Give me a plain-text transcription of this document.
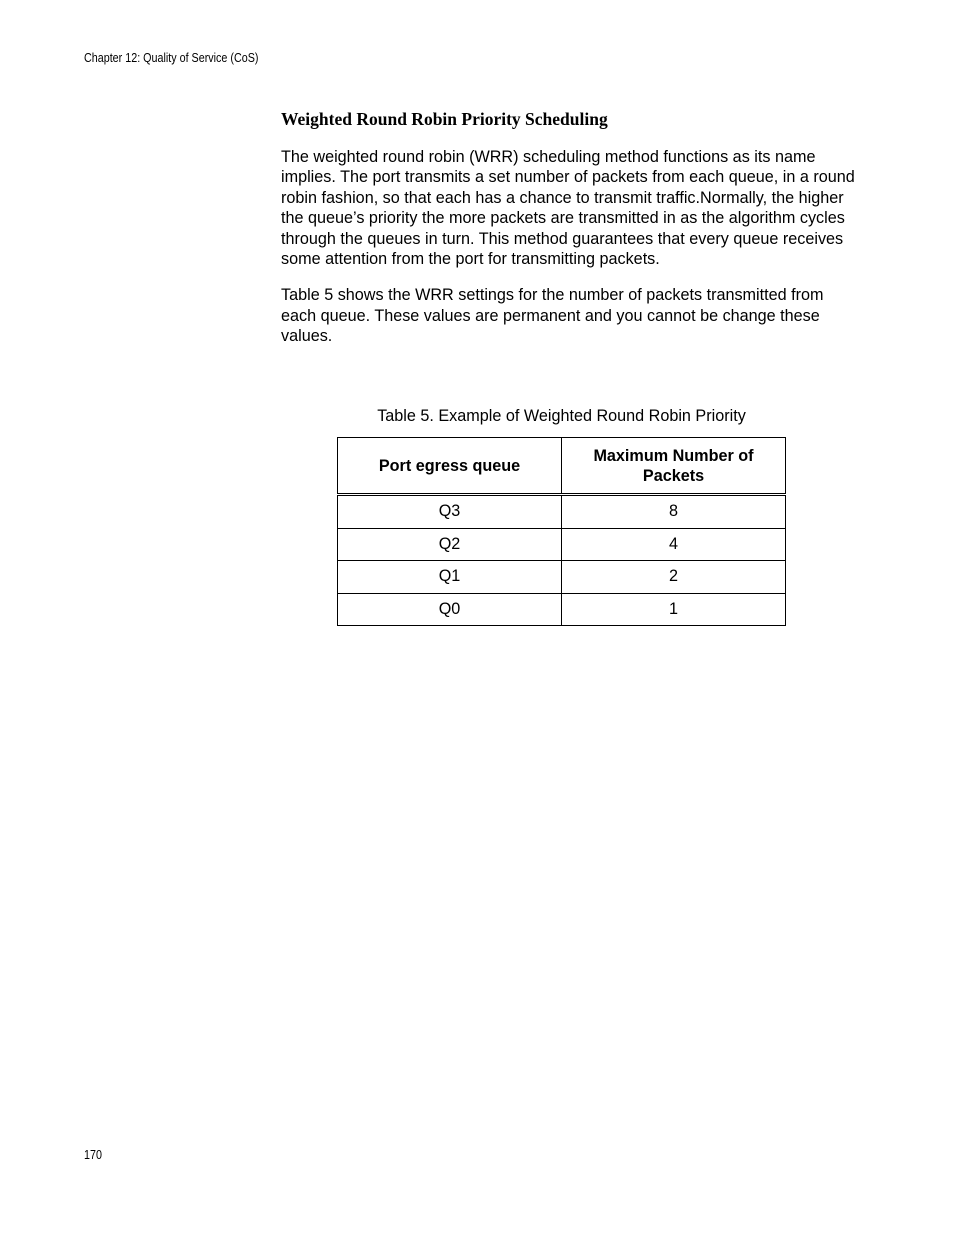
Chapter 12: Quality of Service (CoS)
Weighted Round Robin Priority Scheduling

The weighted round robin (WRR) scheduling method functions as its name implies. The port transmits a set number of packets from each queue, in a round robin fashion, so that each has a chance to transmit traffic.Normally, the higher the queue’s priority the more packets are transmitted in as the algorithm cycles through the queues in turn. This method guarantees that every queue receives some attention from the port for transmitting packets.

Table 5 shows the WRR settings for the number of packets transmitted from each queue. These values are permanent and you cannot be change these values.

Table 5. Example of Weighted Round Robin Priority
Port egress queue	Maximum Number of Packets
Q3	8
Q2	4
Q1	2
Q0	1
170
